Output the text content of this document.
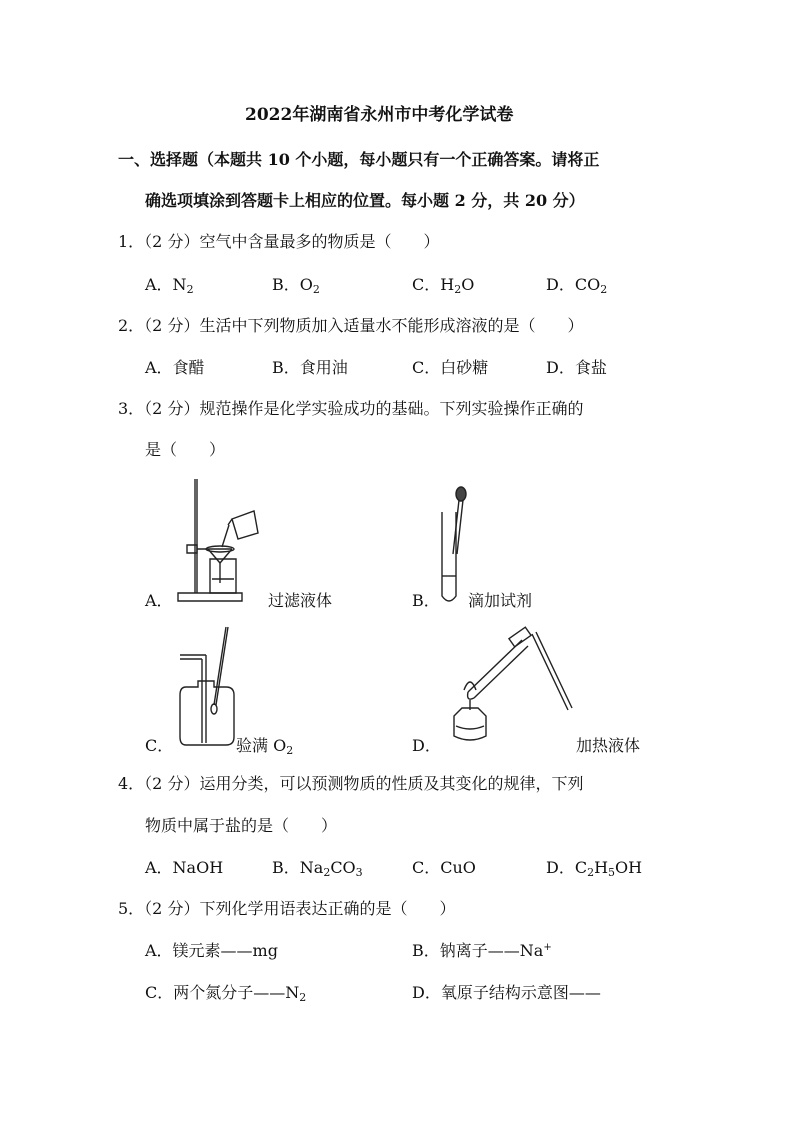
2022年湖南省永州市中考化学试卷
一、选择题（本题共 10 个小题，每小题只有一个正确答案。请将正
确选项填涂到答题卡上相应的位置。每小题 2 分，共 20 分）
1．（2 分）空气中含量最多的物质是（　　）
A．$N_2$	B．$O_2$	C．$H_2O$	D．$CO_2$
2．（2 分）生活中下列物质加入适量水不能形成溶液的是（　　）
A．食醋	B．食用油	C．白砂糖	D．食盐
3．（2 分）规范操作是化学实验成功的基础。下列实验操作正确的
是（　　）
A．	过滤液体	B． 滴加试剂
C．	验满 $O_2$	D．	加热液体
4．（2 分）运用分类，可以预测物质的性质及其变化的规律，下列
物质中属于盐的是（　　）
A．NaOH	B．$Na_2CO_3$	C．CuO	D．$C_2H_5OH$
5．（2 分）下列化学用语表达正确的是（　　）
A．镁元素——mg	B．钠离子——Na+
C．两个氮分子$——N_2$	D．氧原子结构示意图——
